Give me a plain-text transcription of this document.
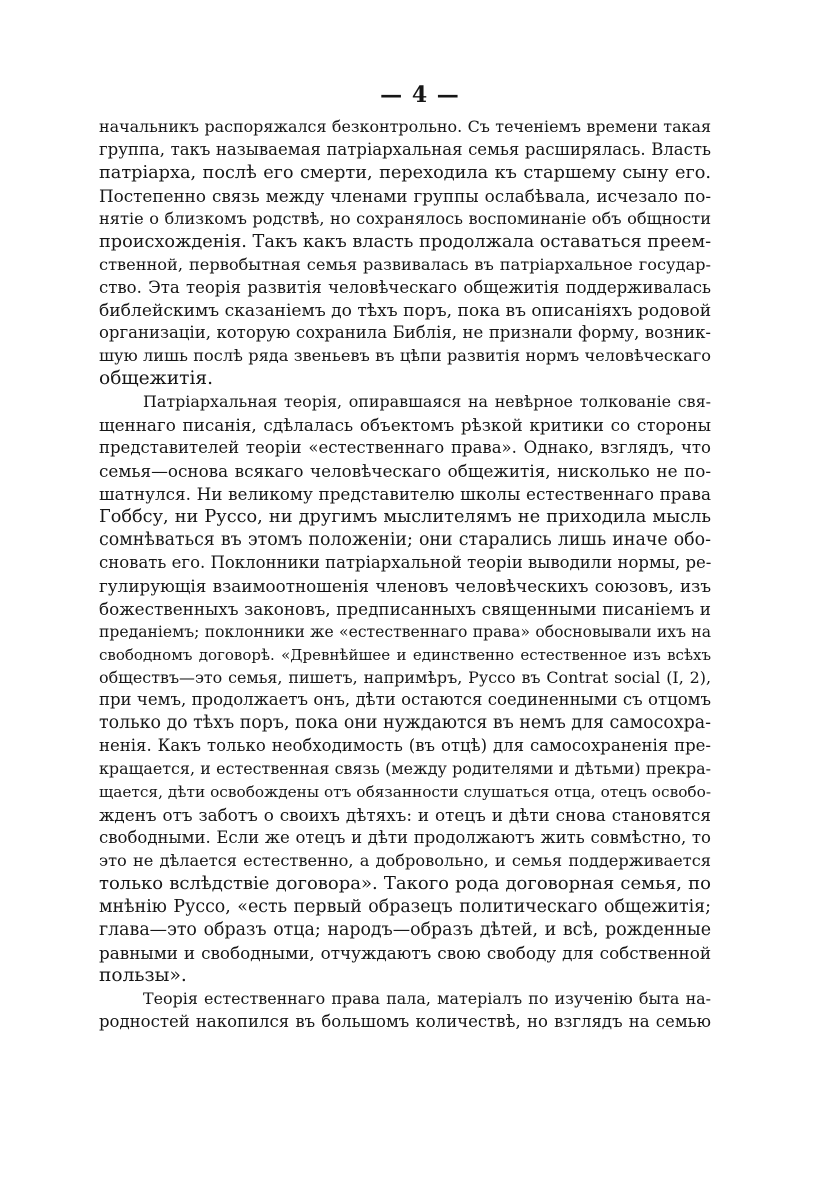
— 4 —
начальникъ распоряжался безконтрольно. Съ теченіемъ времени такая
группа, такъ называемая патріархальная семья расширялась. Власть
патріарха, послѣ его смерти, переходила къ старшему сыну его.
Постепенно связь между членами группы ослабѣвала, исчезало по-
нятіе о близкомъ родствѣ, но сохранялось воспоминаніе объ общности
происхожденія. Такъ какъ власть продолжала оставаться преем-
ственной, первобытная семья развивалась въ патріархальное государ-
ство. Эта теорія развитія человѣческаго общежитія поддерживалась
библейскимъ сказаніемъ до тѣхъ поръ, пока въ описаніяхъ родовой
организаціи, которую сохранила Библія, не признали форму, возник-
шую лишь послѣ ряда звеньевъ въ цѣпи развитія нормъ человѣческаго
общежитія.
Патріархальная теорія, опиравшаяся на невѣрное толкованіе свя-
щеннаго писанія, сдѣлалась объектомъ рѣзкой критики со стороны
представителей теоріи «естественнаго права». Однако, взглядъ, что
семья—основа всякаго человѣческаго общежитія, нисколько не по-
шатнулся. Ни великому представителю школы естественнаго права
Гоббсу, ни Руссо, ни другимъ мыслителямъ не приходила мысль
сомнѣваться въ этомъ положеніи; они старались лишь иначе обо-
сновать его. Поклонники патріархальной теоріи выводили нормы, ре-
гулирующія взаимоотношенія членовъ человѣческихъ союзовъ, изъ
божественныхъ законовъ, предписанныхъ священными писаніемъ и
преданіемъ; поклонники же «естественнаго права» обосновывали ихъ на
свободномъ договорѣ. «Древнѣйшее и единственно естественное изъ всѣхъ
обществъ—это семья, пишетъ, напримѣръ, Руссо въ Contrat social (I, 2),
при чемъ, продолжаетъ онъ, дѣти остаются соединенными съ отцомъ
только до тѣхъ поръ, пока они нуждаются въ немъ для самосохра-
ненія. Какъ только необходимость (въ отцѣ) для самосохраненія пре-
кращается, и естественная связь (между родителями и дѣтьми) прекра-
щается, дѣти освобождены отъ обязанности слушаться отца, отецъ освобо-
жденъ отъ заботъ о своихъ дѣтяхъ: и отецъ и дѣти снова становятся
свободными. Если же отецъ и дѣти продолжаютъ жить совмѣстно, то
это не дѣлается естественно, а добровольно, и семья поддерживается
только вслѣдствіе договора». Такого рода договорная семья, по
мнѣнію Руссо, «есть первый образецъ политическаго общежитія;
глава—это образъ отца; народъ—образъ дѣтей, и всѣ, рожденные
равными и свободными, отчуждаютъ свою свободу для собственной
пользы».
Теорія естественнаго права пала, матеріалъ по изученію быта на-
родностей накопился въ большомъ количествѣ, но взглядъ на семью
